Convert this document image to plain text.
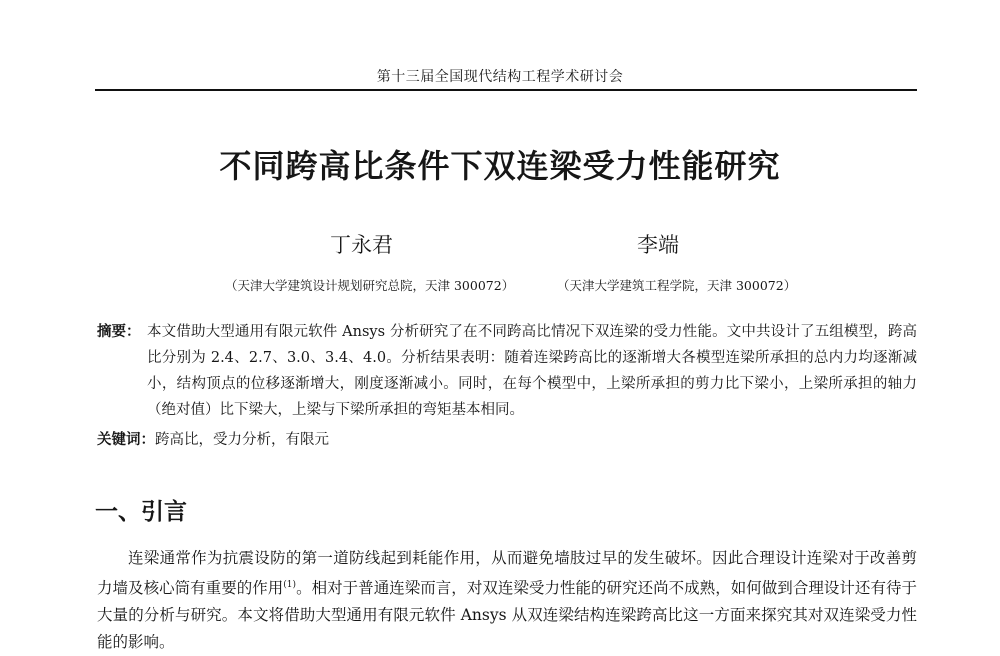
第十三届全国现代结构工程学术研讨会
不同跨高比条件下双连梁受力性能研究
丁永君	李端
（天津大学建筑设计规划研究总院，天津 300072）	（天津大学建筑工程学院，天津 300072）
摘要： 本文借助大型通用有限元软件 Ansys 分析研究了在不同跨高比情况下双连梁的受力性能。文中共设计了五组模型，跨高比分别为 2.4、2.7、3.0、3.4、4.0。分析结果表明：随着连梁跨高比的逐渐增大各模型连梁所承担的总内力均逐渐减小，结构顶点的位移逐渐增大，刚度逐渐减小。同时，在每个模型中，上梁所承担的剪力比下梁小，上梁所承担的轴力（绝对值）比下梁大，上梁与下梁所承担的弯矩基本相同。
关键词：跨高比，受力分析，有限元
一、引言
连梁通常作为抗震设防的第一道防线起到耗能作用，从而避免墙肢过早的发生破坏。因此合理设计连梁对于改善剪力墙及核心筒有重要的作用$^{(1)}$。相对于普通连梁而言，对双连梁受力性能的研究还尚不成熟，如何做到合理设计还有待于大量的分析与研究。本文将借助大型通用有限元软件 Ansys 从双连梁结构连梁跨高比这一方面来探究其对双连梁受力性能的影响。
